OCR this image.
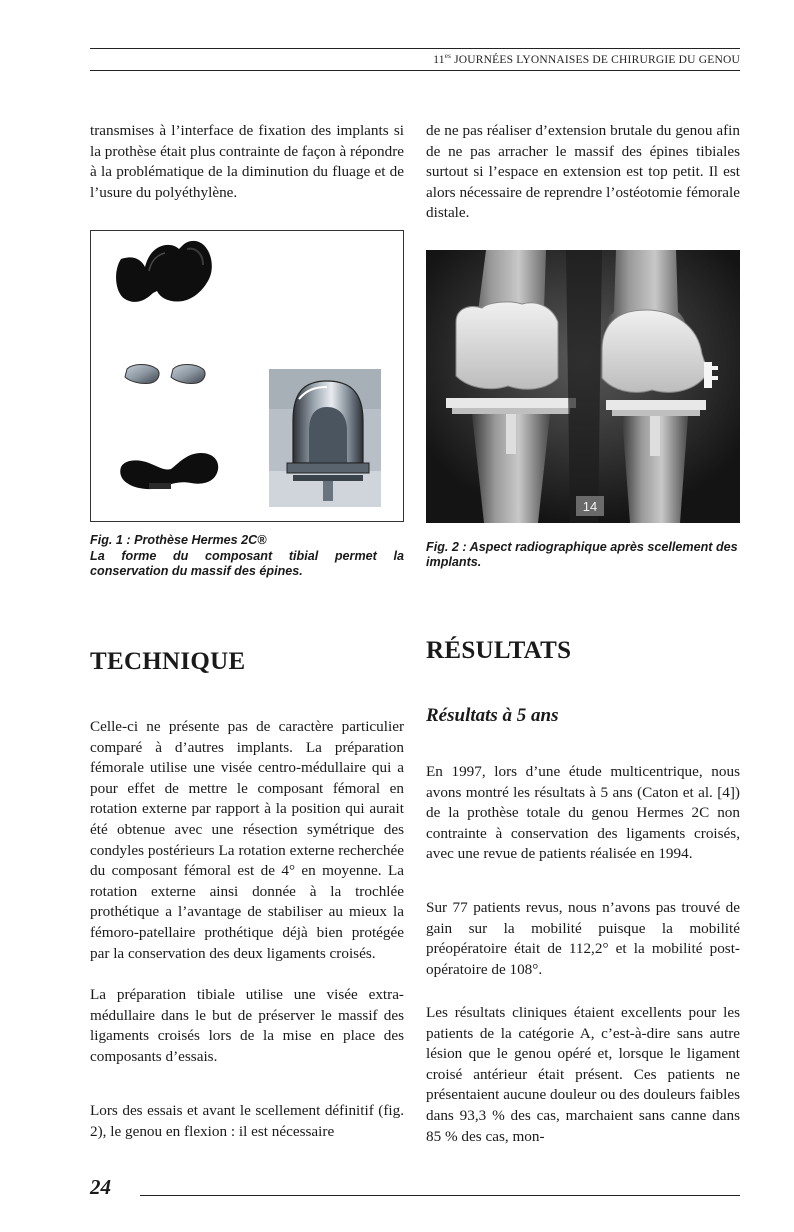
$11^{es}$ JOURNÉES LYONNAISES DE CHIRURGIE DU GENOU

transmises à l’interface de fixation des implants si la prothèse était plus contrainte de façon à répondre à la problématique de la diminution du fluage et de l’usure du polyéthylène.

Fig. 1 : Prothèse Hermes 2C®

La forme du composant tibial permet la conservation du massif des épines.

de ne pas réaliser d’extension brutale du genou afin de ne pas arracher le massif des épines tibiales surtout si l’espace en extension est top petit. Il est alors nécessaire de reprendre l’ostéotomie fémorale distale.

14

Fig. 2 : Aspect radiographique après scellement des implants.

TECHNIQUE	RÉSULTATS
Résultats à 5 ans

Celle-ci ne présente pas de caractère particulier comparé à d’autres implants. La préparation fémorale utilise une visée centro-médullaire qui a pour effet de mettre le composant fémoral en rotation externe par rapport à la position qui aurait été obtenue avec une résection symétrique des condyles postérieurs La rotation externe recherchée du composant fémoral est de 4° en moyenne. La rotation externe ainsi donnée à la trochlée prothétique a l’avantage de stabiliser au mieux la fémoro-patellaire prothétique déjà bien protégée par la conservation des deux ligaments croisés.

La préparation tibiale utilise une visée extra-médullaire dans le but de préserver le massif des ligaments croisés lors de la mise en place des composants d’essais.

Lors des essais et avant le scellement définitif (fig. 2), le genou en flexion : il est nécessaire

En 1997, lors d’une étude multicentrique, nous avons montré les résultats à 5 ans (Caton et al. [4]) de la prothèse totale du genou Hermes 2C non contrainte à conservation des ligaments croisés, avec une revue de patients réalisée en 1994.

Sur 77 patients revus, nous n’avons pas trouvé de gain sur la mobilité puisque la mobilité préopératoire était de 112,2° et la mobilité post-opératoire de 108°.

Les résultats cliniques étaient excellents pour les patients de la catégorie A, c’est-à-dire sans autre lésion que le genou opéré et, lorsque le ligament croisé antérieur était présent. Ces patients ne présentaient aucune douleur ou des douleurs faibles dans 93,3 % des cas, marchaient sans canne dans 85 % des cas, mon-

24
